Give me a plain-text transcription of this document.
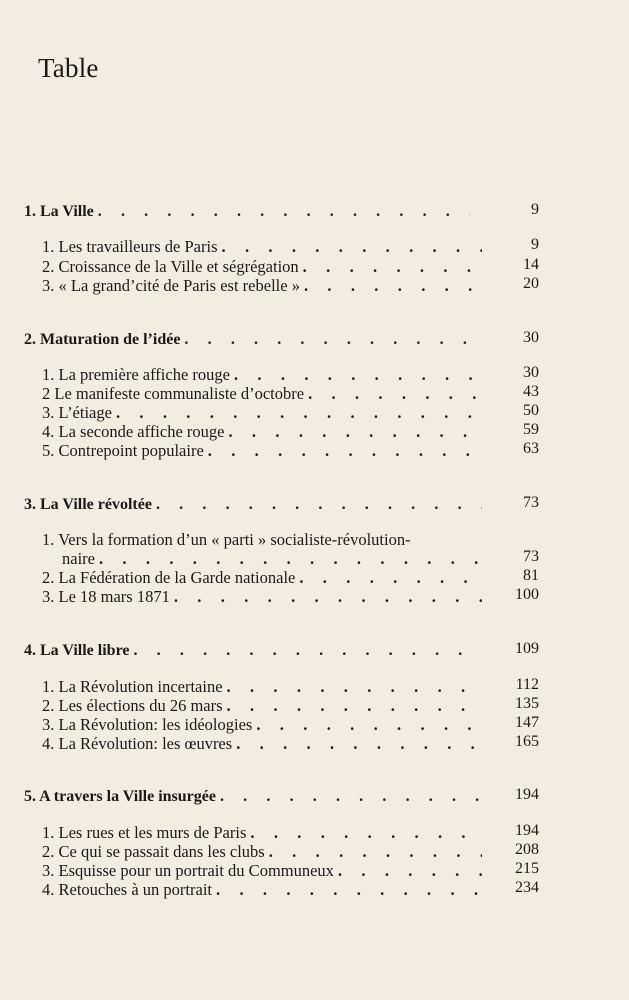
Table
1. La Ville . . .	9
1. Les travailleurs de Paris . . .	9
2. Croissance de la Ville et ségrégation . . .	14
3. « La grand’cité de Paris est rebelle » . . .	20
2. Maturation de l’idée . . .	30
1. La première affiche rouge . . .	30
2 Le manifeste communaliste d’octobre . . .	43
3. L’étiage . . .	50
4. La seconde affiche rouge . . .	59
5. Contrepoint populaire . . .	63
3. La Ville révoltée . . .	73
1. Vers la formation d’un « parti » socialiste-révolution-
naire . . .	73
2. La Fédération de la Garde nationale . . .	81
3. Le 18 mars 1871 . . .	100
4. La Ville libre . . .	109
1. La Révolution incertaine . . .	112
2. Les élections du 26 mars . . .	135
3. La Révolution: les idéologies . . .	147
4. La Révolution: les œuvres . . .	165
5. A travers la Ville insurgée . . .	194
1. Les rues et les murs de Paris . . .	194
2. Ce qui se passait dans les clubs . . .	208
3. Esquisse pour un portrait du Communeux . . .	215
4. Retouches à un portrait . . .	234
